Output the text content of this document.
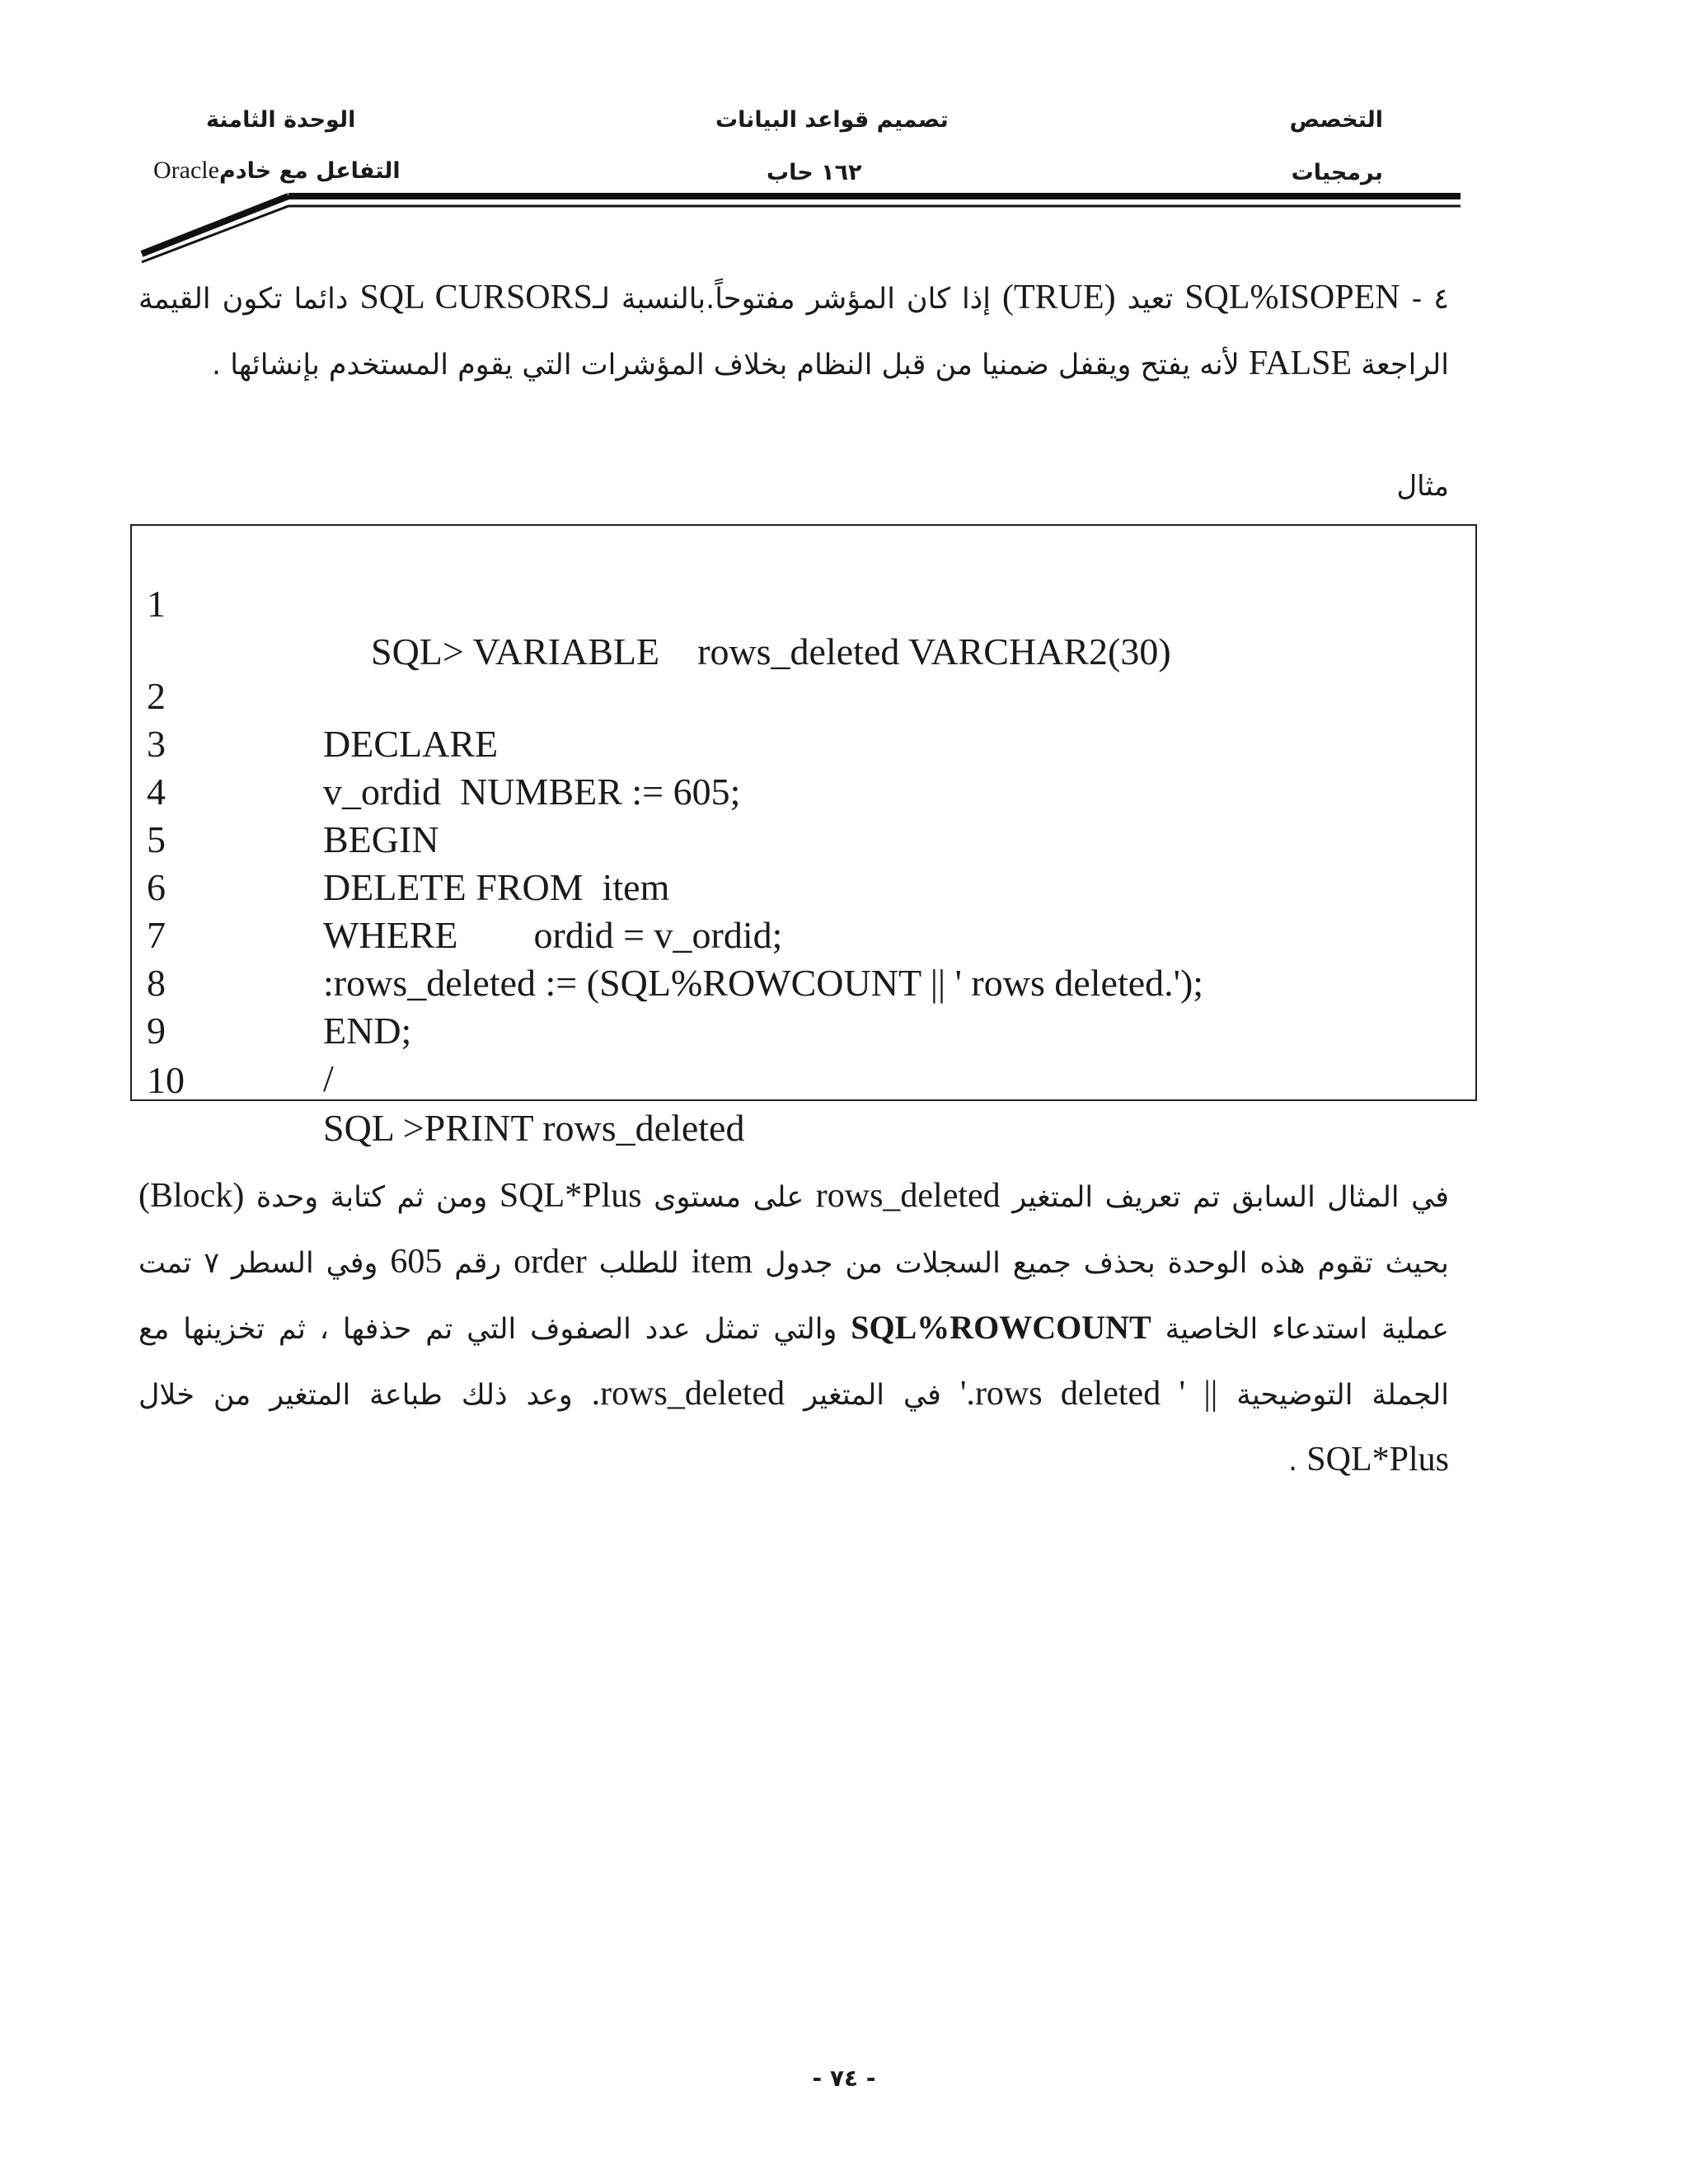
التخصص
برمجيات
تصميم قواعد البيانات
١٦٢ حاب
الوحدة الثامنة
التفاعل مع خادمOracle

٤ - SQL%ISOPEN تعيد (TRUE) إذا كان المؤشر مفتوحاً.بالنسبة لـSQL CURSORS دائما تكون القيمة الراجعة FALSE لأنه يفتح ويقفل ضمنيا من قبل النظام بخلاف المؤشرات التي يقوم المستخدم بإنشائها .

مثال

1

SQL> VARIABLE    rows_deleted VARCHAR2(30)

2

DECLARE

3

v_ordid  NUMBER := 605;

4

BEGIN

5

DELETE FROM  item

6

WHERE        ordid = v_ordid;

7

:rows_deleted := (SQL%ROWCOUNT || ' rows deleted.');

8

END;

9

/

10

SQL >PRINT rows_deleted

في المثال السابق تم تعريف المتغير rows_deleted على مستوى SQL*Plus ومن ثم كتابة وحدة (Block) بحيث تقوم هذه الوحدة بحذف جميع السجلات من جدول item للطلب order رقم 605 وفي السطر ٧ تمت عملية استدعاء الخاصية SQL%ROWCOUNT والتي تمثل عدد الصفوف التي تم حذفها ، ثم تخزينها مع الجملة التوضيحية || ' rows deleted.' في المتغير rows_deleted. وعد ذلك طباعة المتغير من خلال SQL*Plus .

- ٧٤ -
